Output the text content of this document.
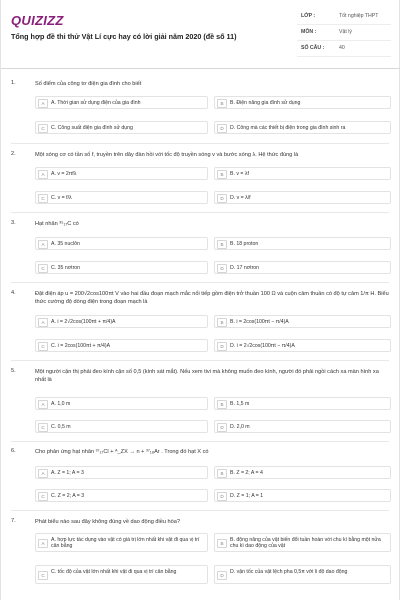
QUIZIZZ
Tổng hợp đề thi thử Vật Lí cực hay có lời giải năm 2020 (đề số 11)
LỚP :	Tốt nghiệp THPT
MÔN :	Vật lý
SỐ CÂU :	40
1.	Số điểm của công tơ điện gia đình cho biết
A	A. Thời gian sử dụng điện của gia đình	B	B. Điện năng gia đình sử dụng
C	C. Công suất điện gia đình sử dụng	D	D. Công mà các thiết bị điện trong gia đình sinh ra
2.	Một sóng cơ có tần số f, truyền trên dây đàn hồi với tốc độ truyền sóng v và bước sóng λ. Hệ thức đúng là
A	A. v = 2πfλ	B	B. v = λf
C	C. v = f/λ	D	D. v = λ/f
3.	Hạt nhân ³⁵₁₇C có
A	A. 35 nuclôn	B	B. 18 proton
C	C. 35 nơtron	D	D. 17 nơtron
4.	Đặt điện áp u = 200√2cos100πt V vào hai đầu đoạn mạch mắc nối tiếp gồm điện trở thuần 100 Ω và cuộn cảm thuần có độ tự cảm 1/π H. Biểu thức cường độ dòng điện trong đoạn mạch là
A	A. i = 2√2cos(100πt + π/4)A	B	B. i = 2cos(100πt − π/4)A
C	C. i = 2cos(100πt + π/4)A	D	D. i = 2√2cos(100πt − π/4)A
5.	Một người cận thị phải đeo kính cận số 0,5 (kính sát mắt). Nếu xem tivi mà không muốn đeo kính, người đó phải ngồi cách xa màn hình xa nhất là
A	A. 1,0 m	B	B. 1,5 m
C	C. 0,5 m	D	D. 2,0 m
6.	Cho phản ứng hạt nhân ³⁷₁₇Cl + ᴬ_ZX → n + ³⁷₁₈Ar . Trong đó hạt X có
A	A. Z = 1; A = 3	B	B. Z = 2; A = 4
C	C. Z = 2; A = 3	D	D. Z = 1; A = 1
7.	Phát biểu nào sau đây không đúng về dao động điều hòa?
A
A. hợp lực tác dụng vào vật có giá trị lớn nhất khi vật đi qua vị trí cân bằng	B
B. động năng của vật biến đổi tuần hoàn với chu kì bằng một nửa chu kì dao động của vật
C
C. tốc độ của vật lớn nhất khi vật đi qua vị trí cân bằng
D
D. vận tốc của vật lệch pha 0,5π với li độ dao động
